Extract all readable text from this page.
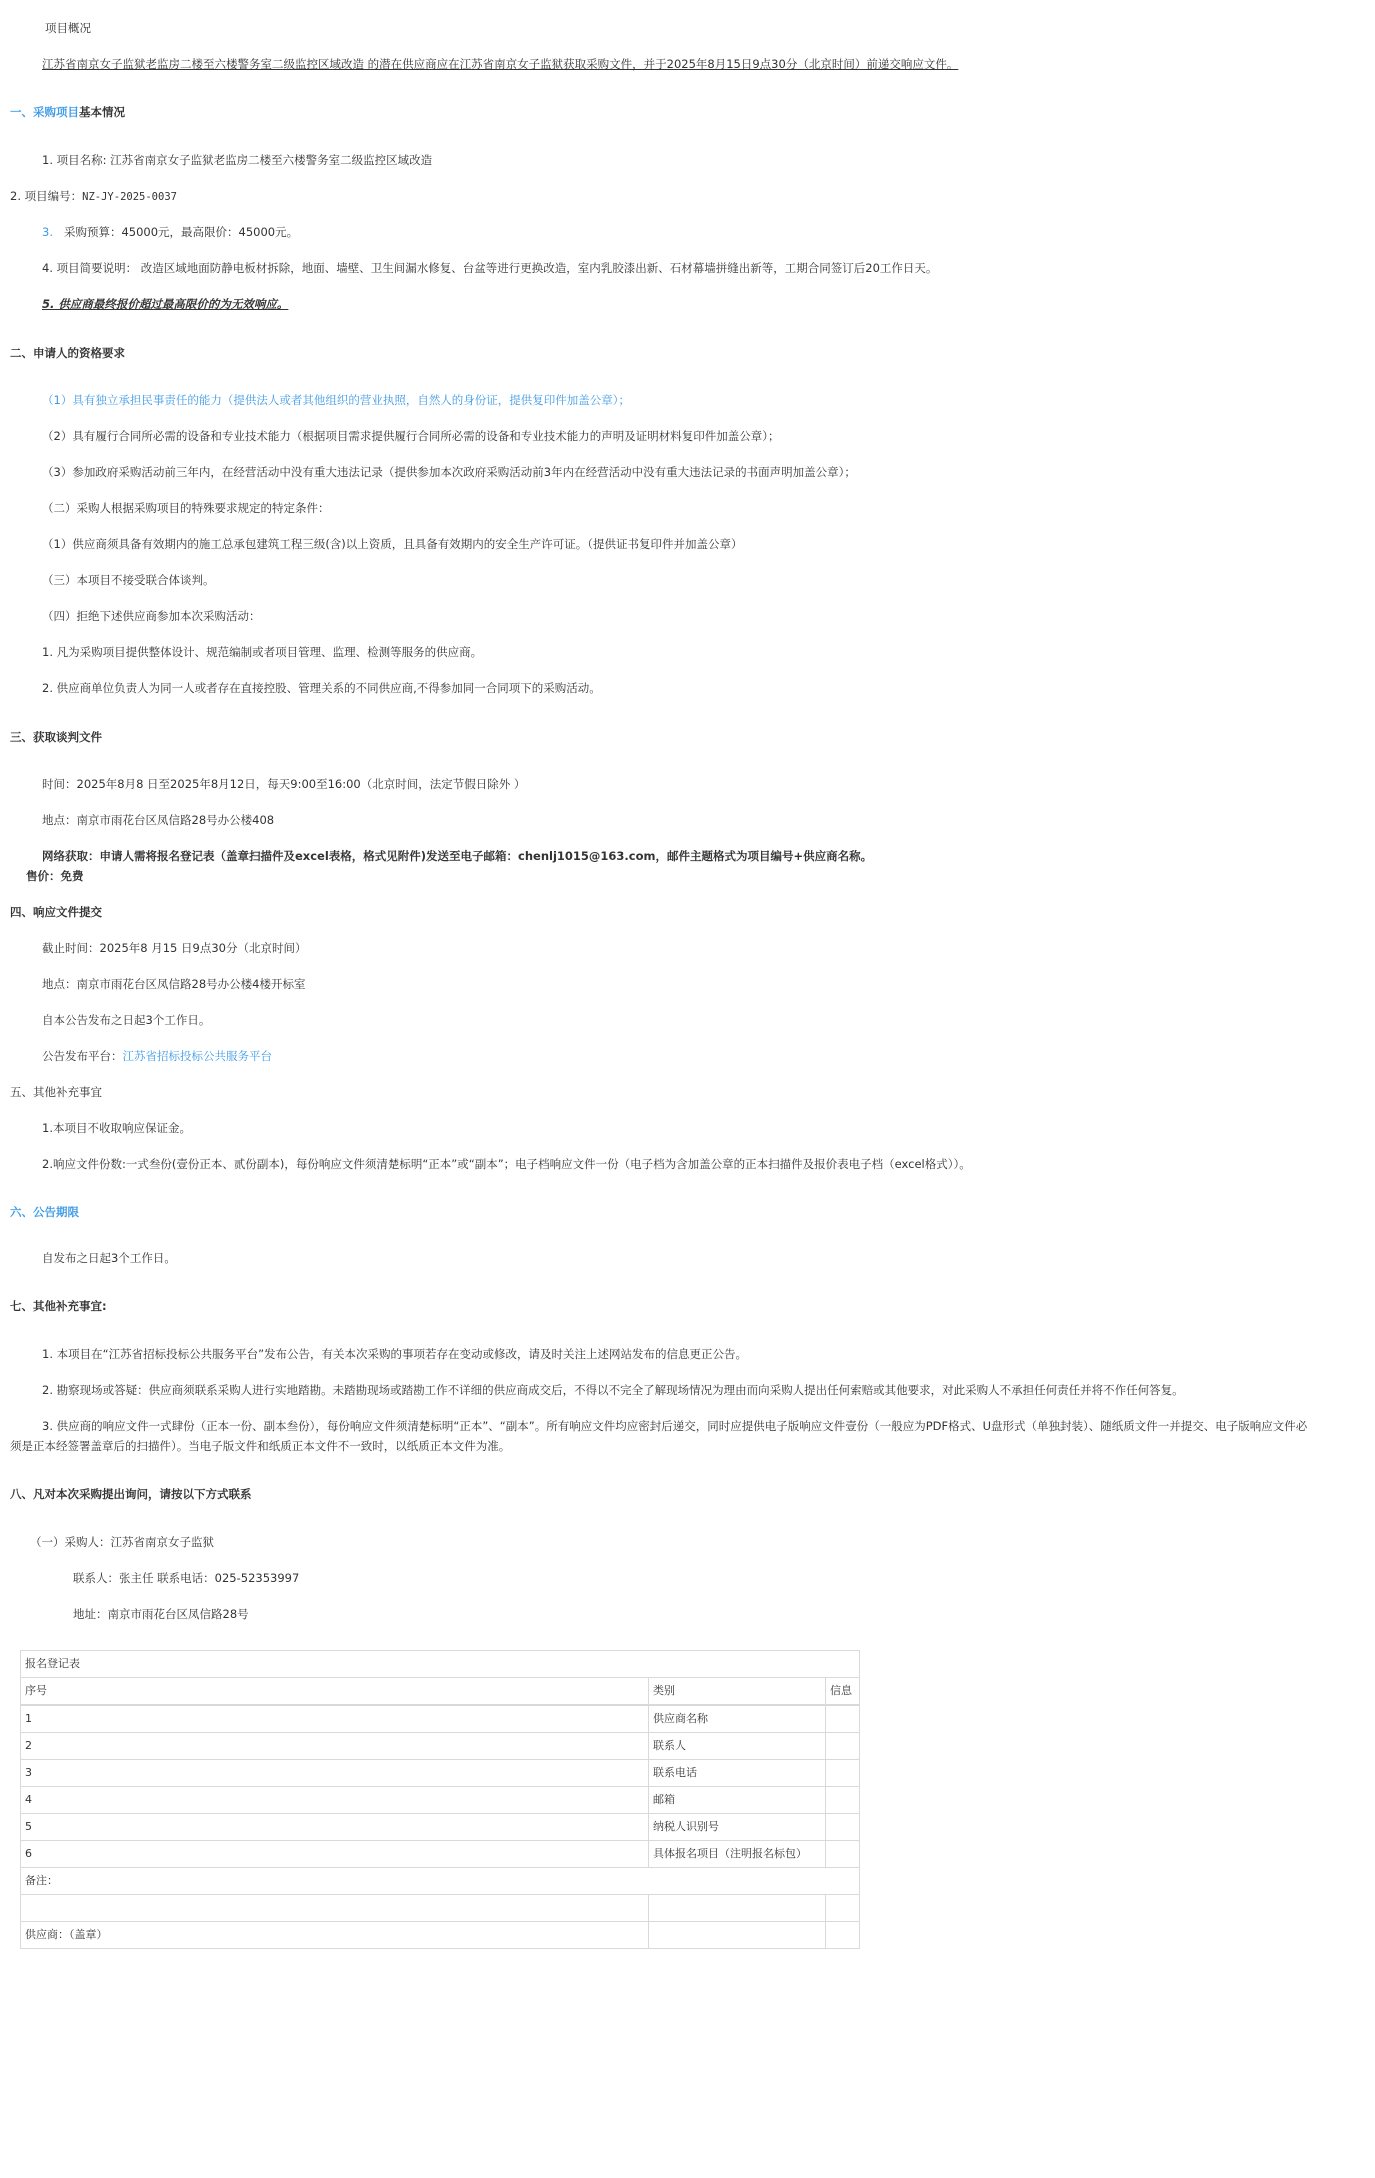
项目概况
江苏省南京女子监狱老监房二楼至六楼警务室二级监控区域改造 的潜在供应商应在江苏省南京女子监狱获取采购文件，并于2025年8月15日9点30分（北京时间）前递交响应文件。
一、采购项目基本情况
1. 项目名称: 江苏省南京女子监狱老监房二楼至六楼警务室二级监控区域改造
2. 项目编号：NZ-JY-2025-0037
3. 采购预算：45000元，最高限价：45000元。
4. 项目简要说明： 改造区域地面防静电板材拆除，地面、墙壁、卫生间漏水修复、台盆等进行更换改造，室内乳胶漆出新、石材幕墙拼缝出新等，工期合同签订后20工作日天。
5. 供应商最终报价超过最高限价的为无效响应。
二、申请人的资格要求
（1）具有独立承担民事责任的能力（提供法人或者其他组织的营业执照，自然人的身份证，提供复印件加盖公章）；
（2）具有履行合同所必需的设备和专业技术能力（根据项目需求提供履行合同所必需的设备和专业技术能力的声明及证明材料复印件加盖公章）；
（3）参加政府采购活动前三年内，在经营活动中没有重大违法记录（提供参加本次政府采购活动前3年内在经营活动中没有重大违法记录的书面声明加盖公章）；
（二）采购人根据采购项目的特殊要求规定的特定条件：
（1）供应商须具备有效期内的施工总承包建筑工程三级(含)以上资质，且具备有效期内的安全生产许可证。（提供证书复印件并加盖公章）
（三）本项目不接受联合体谈判。
（四）拒绝下述供应商参加本次采购活动：
1. 凡为采购项目提供整体设计、规范编制或者项目管理、监理、检测等服务的供应商。
2. 供应商单位负责人为同一人或者存在直接控股、管理关系的不同供应商,不得参加同一合同项下的采购活动。
三、获取谈判文件
时间：2025年8月8 日至2025年8月12日，每天9:00至16:00（北京时间，法定节假日除外 ）
地点：南京市雨花台区凤信路28号办公楼408
网络获取：申请人需将报名登记表（盖章扫描件及excel表格，格式见附件)发送至电子邮箱：chenlj1015@163.com，邮件主题格式为项目编号+供应商名称。
售价：免费
四、响应文件提交
截止时间：2025年8 月15 日9点30分（北京时间）
地点：南京市雨花台区凤信路28号办公楼4楼开标室
自本公告发布之日起3个工作日。
公告发布平台：江苏省招标投标公共服务平台
五、其他补充事宜
1.本项目不收取响应保证金。
2.响应文件份数:一式叁份(壹份正本、贰份副本)，每份响应文件须清楚标明“正本”或“副本”；电子档响应文件一份（电子档为含加盖公章的正本扫描件及报价表电子档（excel格式））。
六、公告期限
自发布之日起3个工作日。
七、其他补充事宜:
1. 本项目在“江苏省招标投标公共服务平台”发布公告，有关本次采购的事项若存在变动或修改，请及时关注上述网站发布的信息更正公告。
2. 勘察现场或答疑：供应商须联系采购人进行实地踏勘。未踏勘现场或踏勘工作不详细的供应商成交后，不得以不完全了解现场情况为理由而向采购人提出任何索赔或其他要求，对此采购人不承担任何责任并将不作任何答复。
3. 供应商的响应文件一式肆份（正本一份、副本叁份），每份响应文件须清楚标明“正本”、“副本”。所有响应文件均应密封后递交，同时应提供电子版响应文件壹份（一般应为PDF格式、U盘形式（单独封装）、随纸质文件一并提交、电子版响应文件必
须是正本经签署盖章后的扫描件）。当电子版文件和纸质正本文件不一致时，以纸质正本文件为准。
八、凡对本次采购提出询问，请按以下方式联系
（一）采购人：江苏省南京女子监狱
联系人：张主任 联系电话：025-52353997
地址：南京市雨花台区凤信路28号
报名登记表		
序号	类别	信息
1	供应商名称	
2	联系人	
3	联系电话	
4	邮箱	
5	纳税人识别号	
6	具体报名项目（注明报名标包）	
备注：		

供应商：（盖章）		
